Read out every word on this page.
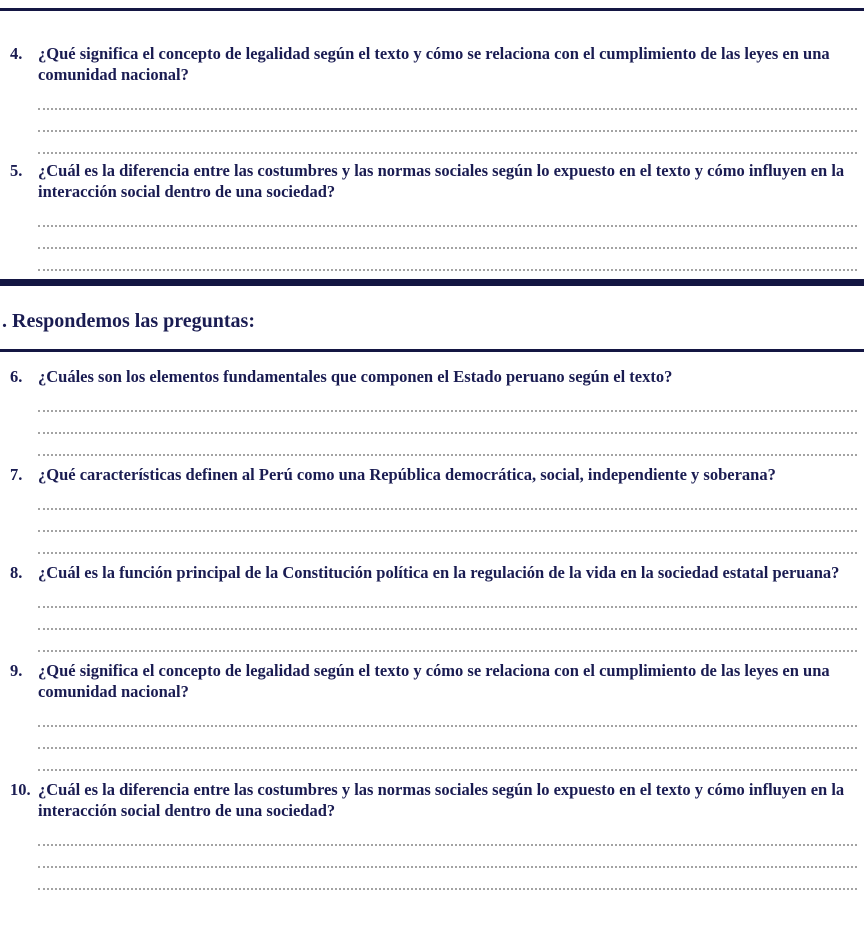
4. ¿Qué significa el concepto de legalidad según el texto y cómo se relaciona con el cumplimiento de las leyes en una comunidad nacional?
5. ¿Cuál es la diferencia entre las costumbres y las normas sociales según lo expuesto en el texto y cómo influyen en la interacción social dentro de una sociedad?
. Respondemos las preguntas:
6. ¿Cuáles son los elementos fundamentales que componen el Estado peruano según el texto?
7. ¿Qué características definen al Perú como una República democrática, social, independiente y soberana?
8. ¿Cuál es la función principal de la Constitución política en la regulación de la vida en la sociedad estatal peruana?
9. ¿Qué significa el concepto de legalidad según el texto y cómo se relaciona con el cumplimiento de las leyes en una comunidad nacional?
10. ¿Cuál es la diferencia entre las costumbres y las normas sociales según lo expuesto en el texto y cómo influyen en la interacción social dentro de una sociedad?
